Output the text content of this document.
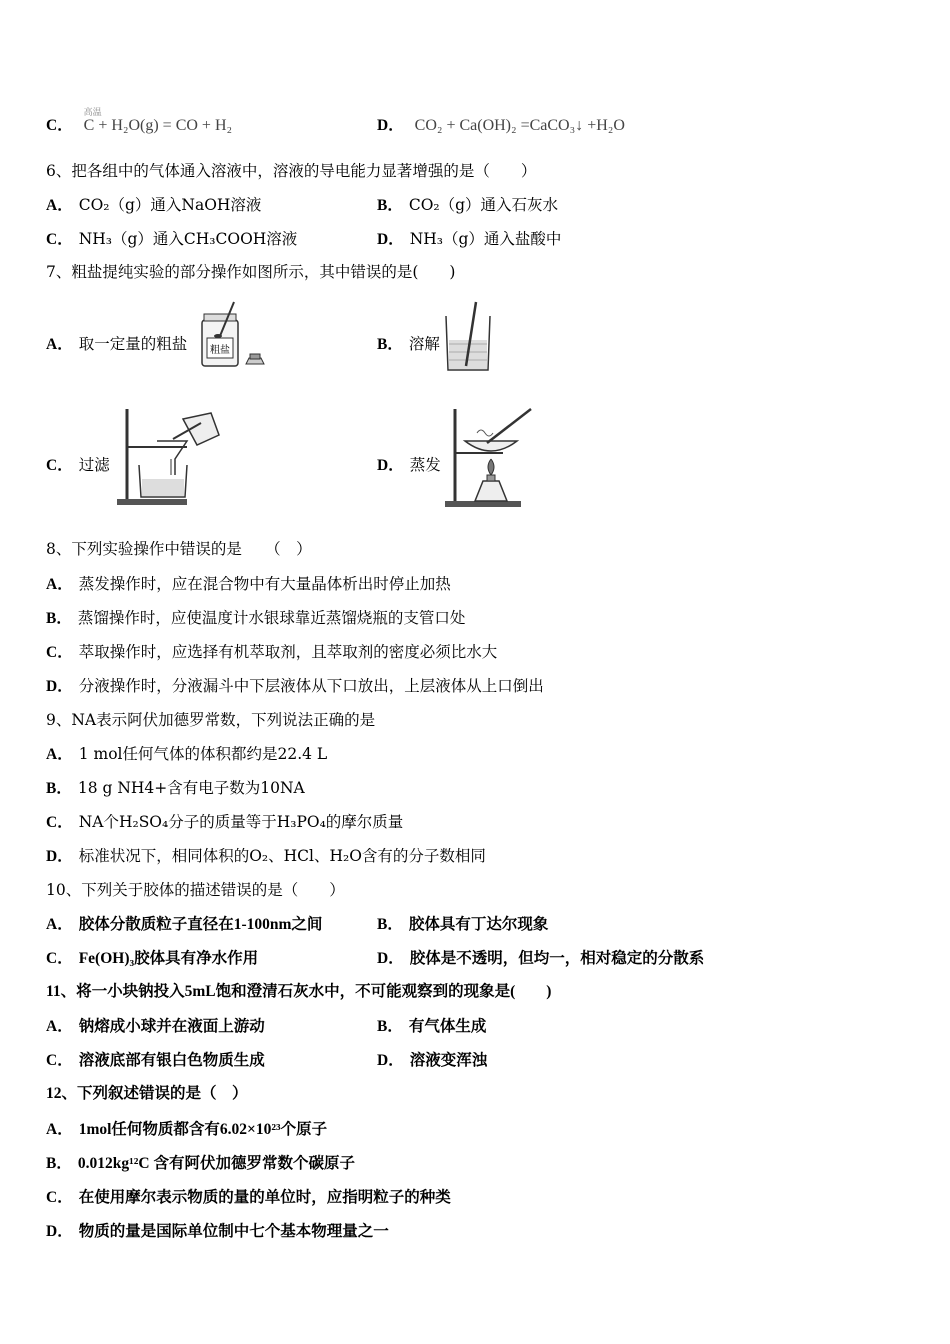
C．
高温
C + H₂O(g) = CO + H₂	D． CO₂ + Ca(OH)₂ =CaCO₃↓ +H₂O
6、把各组中的气体通入溶液中，溶液的导电能力显著增强的是（　　）
A． CO₂（g）通入NaOH溶液	B． CO₂（g）通入石灰水
C． NH₃（g）通入CH₃COOH溶液	D． NH₃（g）通入盐酸中
7、粗盐提纯实验的部分操作如图所示，其中错误的是(　　)
A． 取一定量的粗盐	B． 溶解
C． 过滤	D． 蒸发
粗盐
8、下列实验操作中错误的是　　（　）
A． 蒸发操作时，应在混合物中有大量晶体析出时停止加热
B． 蒸馏操作时，应使温度计水银球靠近蒸馏烧瓶的支管口处
C． 萃取操作时，应选择有机萃取剂，且萃取剂的密度必须比水大
D． 分液操作时，分液漏斗中下层液体从下口放出，上层液体从上口倒出
9、NA表示阿伏加德罗常数，下列说法正确的是
A． 1 mol任何气体的体积都约是22.4 L
B． 18 g NH4+含有电子数为10NA
C． NA个H₂SO₄分子的质量等于H₃PO₄的摩尔质量
D． 标准状况下，相同体积的O₂、HCl、H₂O含有的分子数相同
10、下列关于胶体的描述错误的是（　　）
A． 胶体分散质粒子直径在1-100nm之间	B． 胶体具有丁达尔现象
C． Fe(OH)₃胶体具有净水作用	D． 胶体是不透明，但均一，相对稳定的分散系
11、将一小块钠投入5mL饱和澄清石灰水中，不可能观察到的现象是(　　)
A． 钠熔成小球并在液面上游动	B． 有气体生成
C． 溶液底部有银白色物质生成	D． 溶液变浑浊
12、下列叙述错误的是（　）
A． 1mol任何物质都含有6.02×10²³个原子
B． 0.012kg¹²C 含有阿伏加德罗常数个碳原子
C． 在使用摩尔表示物质的量的单位时，应指明粒子的种类
D． 物质的量是国际单位制中七个基本物理量之一
